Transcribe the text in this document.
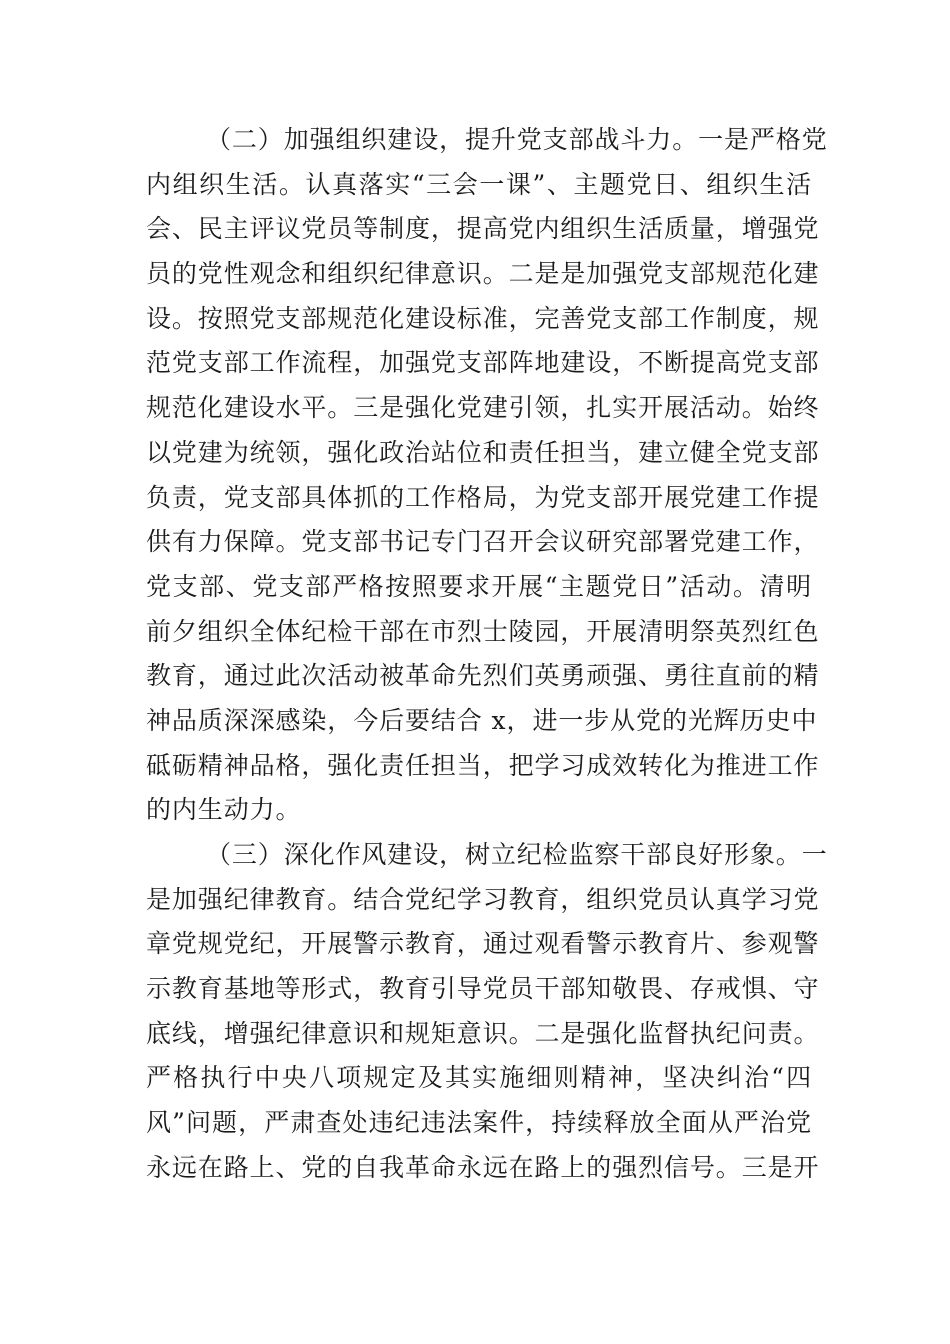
（二）加强组织建设，提升党支部战斗力。一是严格党
内组织生活。认真落实“三会一课”、主题党日、组织生活
会、民主评议党员等制度，提高党内组织生活质量，增强党
员的党性观念和组织纪律意识。二是是加强党支部规范化建
设。按照党支部规范化建设标准，完善党支部工作制度，规
范党支部工作流程，加强党支部阵地建设，不断提高党支部
规范化建设水平。三是强化党建引领，扎实开展活动。始终
以党建为统领，强化政治站位和责任担当，建立健全党支部
负责，党支部具体抓的工作格局，为党支部开展党建工作提
供有力保障。党支部书记专门召开会议研究部署党建工作，
党支部、党支部严格按照要求开展“主题党日”活动。清明
前夕组织全体纪检干部在市烈士陵园，开展清明祭英烈红色
教育，通过此次活动被革命先烈们英勇顽强、勇往直前的精
神品质深深感染，今后要结合 x，进一步从党的光辉历史中
砥砺精神品格，强化责任担当，把学习成效转化为推进工作
的内生动力。
（三）深化作风建设，树立纪检监察干部良好形象。一
是加强纪律教育。结合党纪学习教育，组织党员认真学习党
章党规党纪，开展警示教育，通过观看警示教育片、参观警
示教育基地等形式，教育引导党员干部知敬畏、存戒惧、守
底线，增强纪律意识和规矩意识。二是强化监督执纪问责。
严格执行中央八项规定及其实施细则精神，坚决纠治“四
风”问题，严肃查处违纪违法案件，持续释放全面从严治党
永远在路上、党的自我革命永远在路上的强烈信号。三是开
